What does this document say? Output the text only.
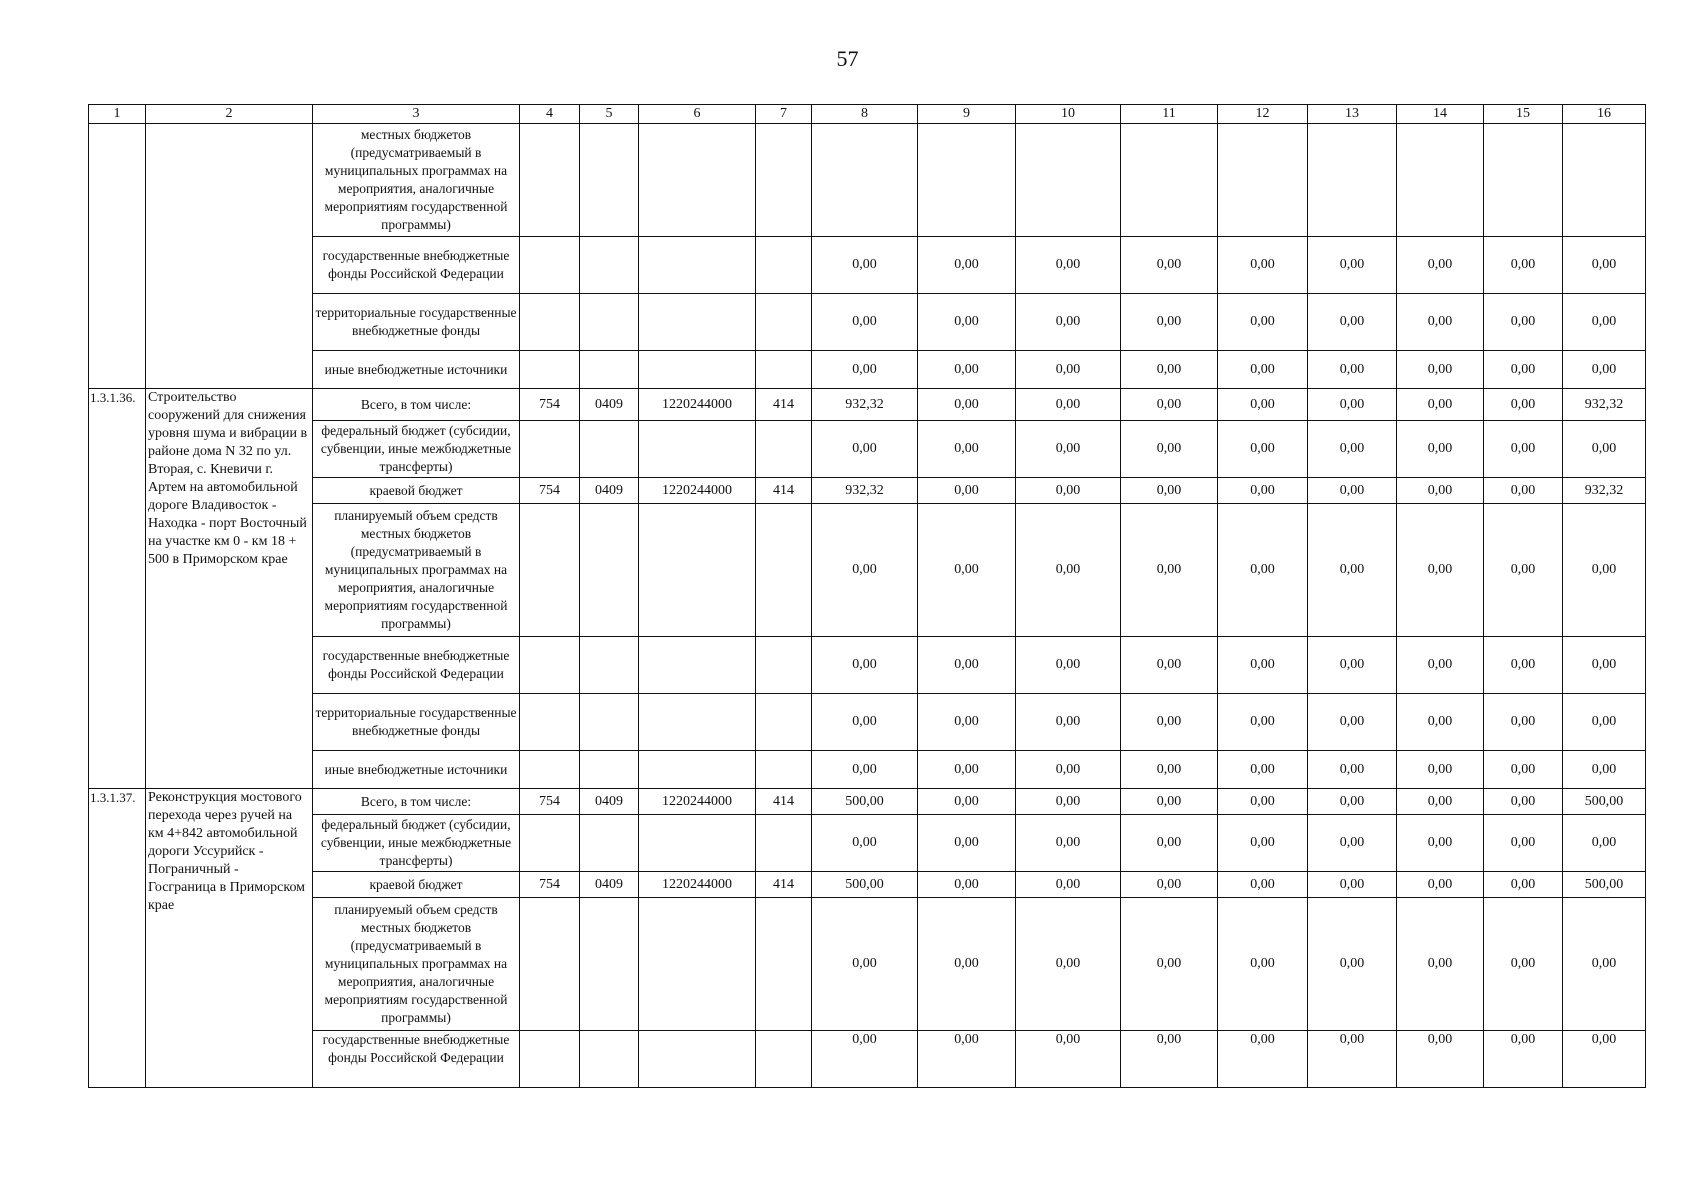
57
1	2	3	4	5	6	7	8	9	10	11	12	13	14	15	16
		местных бюджетов (предусматриваемый в муниципальных программах на мероприятия, аналогичные мероприятиям государственной программы)													
		государственные внебюджетные фонды Российской Федерации					0,00	0,00	0,00	0,00	0,00	0,00	0,00	0,00	0,00
		территориальные государственные внебюджетные фонды					0,00	0,00	0,00	0,00	0,00	0,00	0,00	0,00	0,00
		иные внебюджетные источники					0,00	0,00	0,00	0,00	0,00	0,00	0,00	0,00	0,00
1.3.1.36.	Строительство сооружений для снижения уровня шума и вибрации в районе дома N 32 по ул. Вторая, с. Кневичи г. Артем на автомобильной дороге Владивосток - Находка - порт Восточный на участке км 0 - км 18 + 500 в Приморском крае	Всего, в том числе:	754	0409	1220244000	414	932,32	0,00	0,00	0,00	0,00	0,00	0,00	0,00	932,32
		федеральный бюджет (субсидии, субвенции, иные межбюджетные трансферты)					0,00	0,00	0,00	0,00	0,00	0,00	0,00	0,00	0,00
		краевой бюджет	754	0409	1220244000	414	932,32	0,00	0,00	0,00	0,00	0,00	0,00	0,00	932,32
		планируемый объем средств местных бюджетов (предусматриваемый в муниципальных программах на мероприятия, аналогичные мероприятиям государственной программы)					0,00	0,00	0,00	0,00	0,00	0,00	0,00	0,00	0,00
		государственные внебюджетные фонды Российской Федерации					0,00	0,00	0,00	0,00	0,00	0,00	0,00	0,00	0,00
		территориальные государственные внебюджетные фонды					0,00	0,00	0,00	0,00	0,00	0,00	0,00	0,00	0,00
		иные внебюджетные источники					0,00	0,00	0,00	0,00	0,00	0,00	0,00	0,00	0,00
1.3.1.37.	Реконструкция мостового перехода через ручей на км 4+842 автомобильной дороги Уссурийск - Пограничный - Госграница в Приморском крае	Всего, в том числе:	754	0409	1220244000	414	500,00	0,00	0,00	0,00	0,00	0,00	0,00	0,00	500,00
		федеральный бюджет (субсидии, субвенции, иные межбюджетные трансферты)					0,00	0,00	0,00	0,00	0,00	0,00	0,00	0,00	0,00
		краевой бюджет	754	0409	1220244000	414	500,00	0,00	0,00	0,00	0,00	0,00	0,00	0,00	500,00
		планируемый объем средств местных бюджетов (предусматриваемый в муниципальных программах на мероприятия, аналогичные мероприятиям государственной программы)					0,00	0,00	0,00	0,00	0,00	0,00	0,00	0,00	0,00
		государственные внебюджетные фонды Российской Федерации					0,00	0,00	0,00	0,00	0,00	0,00	0,00	0,00	0,00
